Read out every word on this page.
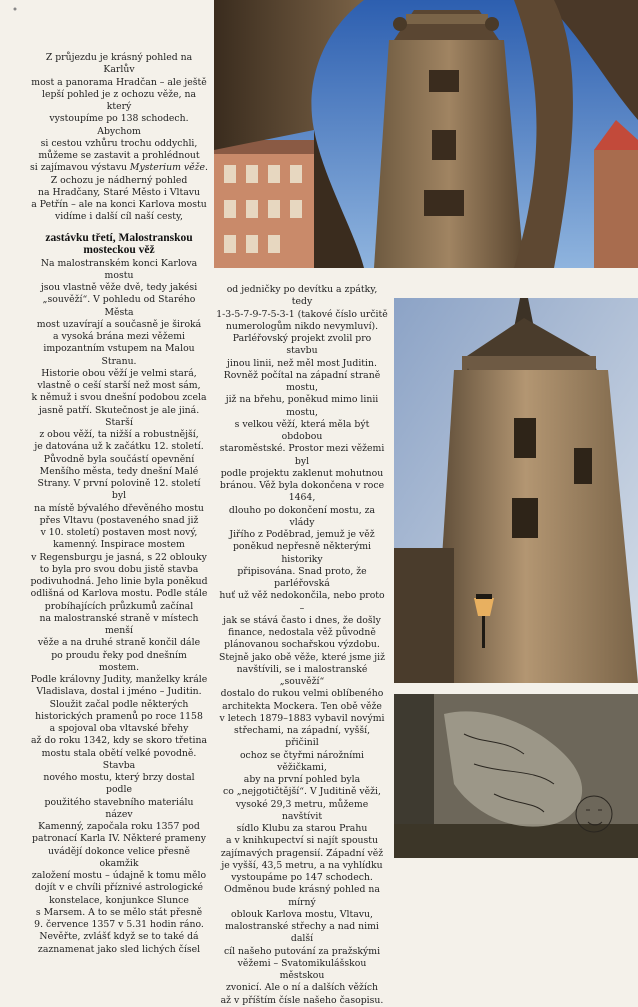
Z průjezdu je krásný pohled na Karlův
most a panorama Hradčan – ale ještě
lepší pohled je z ochozu věže, na který
vystoupíme po 138 schodech. Abychom
si cestou vzhůru trochu oddychli,
můžeme se zastavit a prohlédnout
si zajímavou výstavu Mysterium věže.
Z ochozu je nádherný pohled
na Hradčany, Staré Město i Vltavu
a Petřín – ale na konci Karlova mostu
vidíme i další cíl naší cesty,
zastávku třetí, Malostranskou
mosteckou věž
Na malostranském konci Karlova mostu
jsou vlastně věže dvě, tedy jakési
„souvěží“. V pohledu od Starého Města
most uzavírají a současně je široká
a vysoká brána mezi věžemi
impozantním vstupem na Malou Stranu.
Historie obou věží je velmi stará,
vlastně o ceší starší než most sám,
k němuž i svou dnešní podobou zcela
jasně patří. Skutečnost je ale jiná. Starší
z obou věží, ta nižší a robustnější,
je datována už k začátku 12. století.
Původně byla součástí opevnění
Menšího města, tedy dnešní Malé
Strany. V první polovině 12. století byl
na místě bývalého dřevěného mostu
přes Vltavu (postaveného snad již
v 10. století) postaven most nový,
kamenný. Inspirace mostem
v Regensburgu je jasná, s 22 oblouky
to byla pro svou dobu jistě stavba
podivuhodná. Jeho linie byla poněkud
odlišná od Karlova mostu. Podle stále
probíhajících průzkumů začínal
na malostranské straně v místech menší
věže a na druhé straně končil dále
po proudu řeky pod dnešním mostem.
Podle královny Judity, manželky krále
Vladislava, dostal i jméno – Juditin.
Sloužit začal podle některých
historických pramenů po roce 1158
a spojoval oba vltavské břehy
až do roku 1342, kdy se skoro třetina
mostu stala obětí velké povodně. Stavba
nového mostu, který brzy dostal podle
použitého stavebního materiálu název
Kamenný, započala roku 1357 pod
patronací Karla IV. Některé prameny
uvádějí dokonce velice přesně okamžik
založení mostu – údajně k tomu mělo
dojít v e chvíli příznivé astrologické
konstelace, konjunkce Slunce
s Marsem. A to se mělo stát přesně
9. července 1357 v 5.31 hodin ráno.
Nevěřte, zvlášť když se to také dá
zaznamenat jako sled lichých čísel
od jedničky po devítku a zpátky, tedy
1-3-5-7-9-7-5-3-1 (takové číslo určitě
numerologům nikdo nevymluví).
Parléřovský projekt zvolil pro stavbu
jinou linii, než měl most Juditin.
Rovněž počítal na západní straně mostu,
již na břehu, poněkud mimo linii mostu,
s velkou věží, která měla být obdobou
staroměstské. Prostor mezi věžemi byl
podle projektu zaklenut mohutnou
bránou. Věž byla dokončena v roce 1464,
dlouho po dokončení mostu, za vlády
Jiřího z Poděbrad, jemuž je věž
poněkud nepřesně některými historiky
připisována. Snad proto, že parléřovská
huť už věž nedokončila, nebo proto –
jak se stává často i dnes, že došly
finance, nedostala věž původně
plánovanou sochařskou výzdobu.
Stejně jako obě věže, které jsme již
navštívili, se i malostranské „souvěží“
dostalo do rukou velmi oblíbeného
architekta Mockera. Ten obě věže
v letech 1879–1883 vybavil novými
střechami, na západní, vyšší, přičinil
ochoz se čtyřmi nárožními věžičkami,
aby na první pohled byla
co „nejgotičtější“. V Juditině věži,
vysoké 29,3 metru, můžeme navštívit
sídlo Klubu za starou Prahu
a v knihkupectví si najít spoustu
zajímavých pragensií. Západní věž
je vyšší, 43,5 metru, a na vyhlídku
vystoupáme po 147 schodech.
Odměnou bude krásný pohled na mírný
oblouk Karlova mostu, Vltavu,
malostranské střechy a nad nimi další
cíl našeho putování za pražskými
věžemi – Svatomikulášskou městskou
zvonicí. Ale o ní a dalších věžích
až v příštím čísle našeho časopisu.
